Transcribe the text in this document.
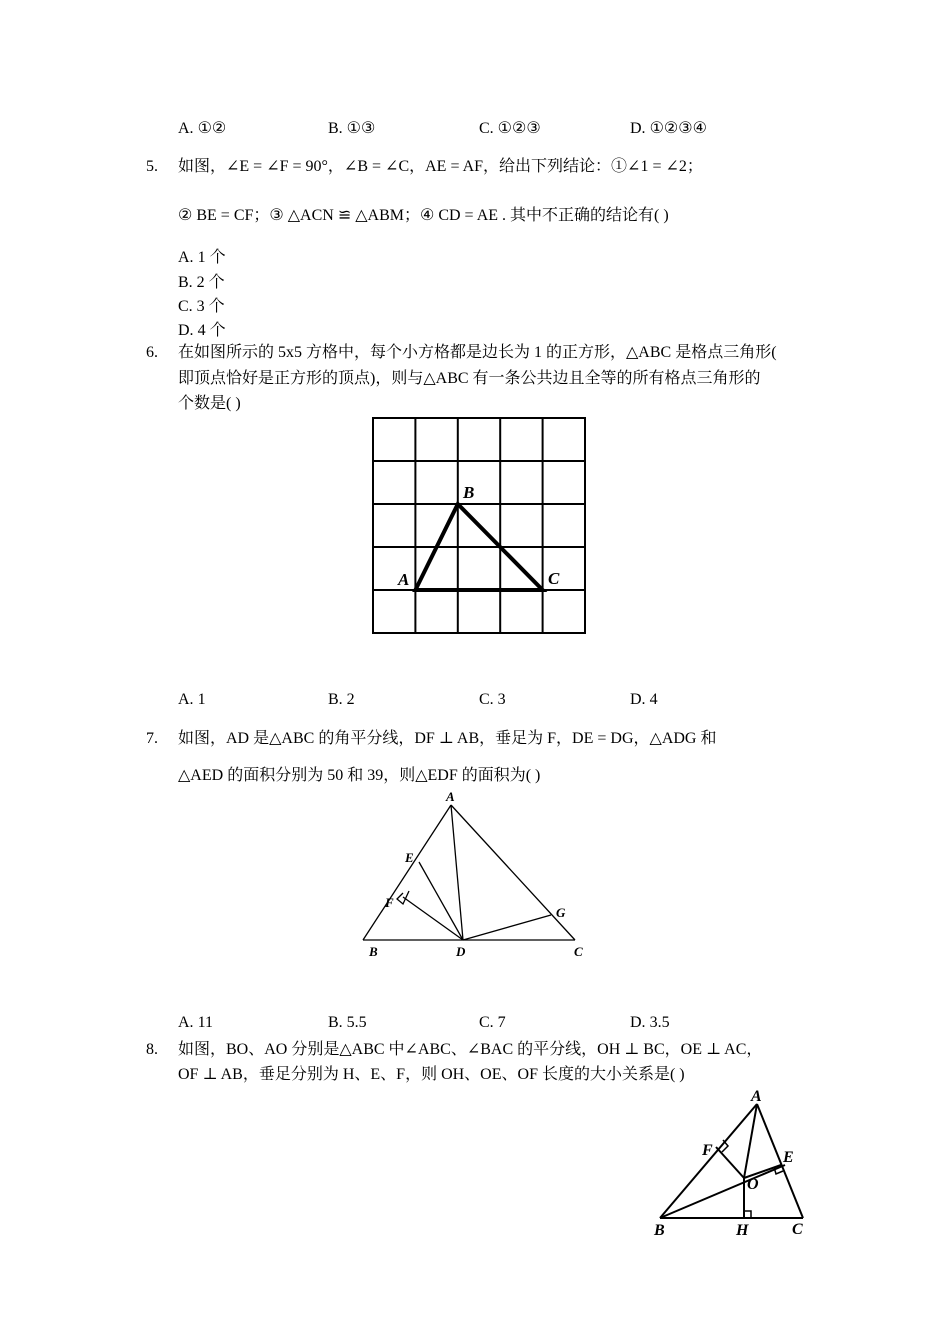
A. ①②	B. ①③	C. ①②③	D. ①②③④
5. 如图，∠E = ∠F = 90°，∠B = ∠C，AE = AF，给出下列结论：①∠1 = ∠2；
② BE = CF；③ △ACN ≌ △ABM；④ CD = AE . 其中不正确的结论有( )
A. 1 个
B. 2 个
C. 3 个
D. 4 个
6. 在如图所示的 5x5 方格中，每个小方格都是边长为 1 的正方形，△ABC 是格点三角形(
即顶点恰好是正方形的顶点)，则与△ABC 有一条公共边且全等的所有格点三角形的
个数是( )
B
A	C
A. 1	B. 2	C. 3	D. 4
7. 如图，AD 是△ABC 的角平分线，DF ⊥ AB，垂足为 F，DE = DG，△ADG 和
△AED 的面积分别为 50 和 39，则△EDF 的面积为( )
A
E
F
G
B	D	C
A. 11	B. 5.5	C. 7	D. 3.5
8. 如图，BO、AO 分别是△ABC 中∠ABC、∠BAC 的平分线，OH ⊥ BC，OE ⊥ AC，
OF ⊥ AB，垂足分别为 H、E、F，则 OH、OE、OF 长度的大小关系是( )
A
F	E
O
B	H	C
